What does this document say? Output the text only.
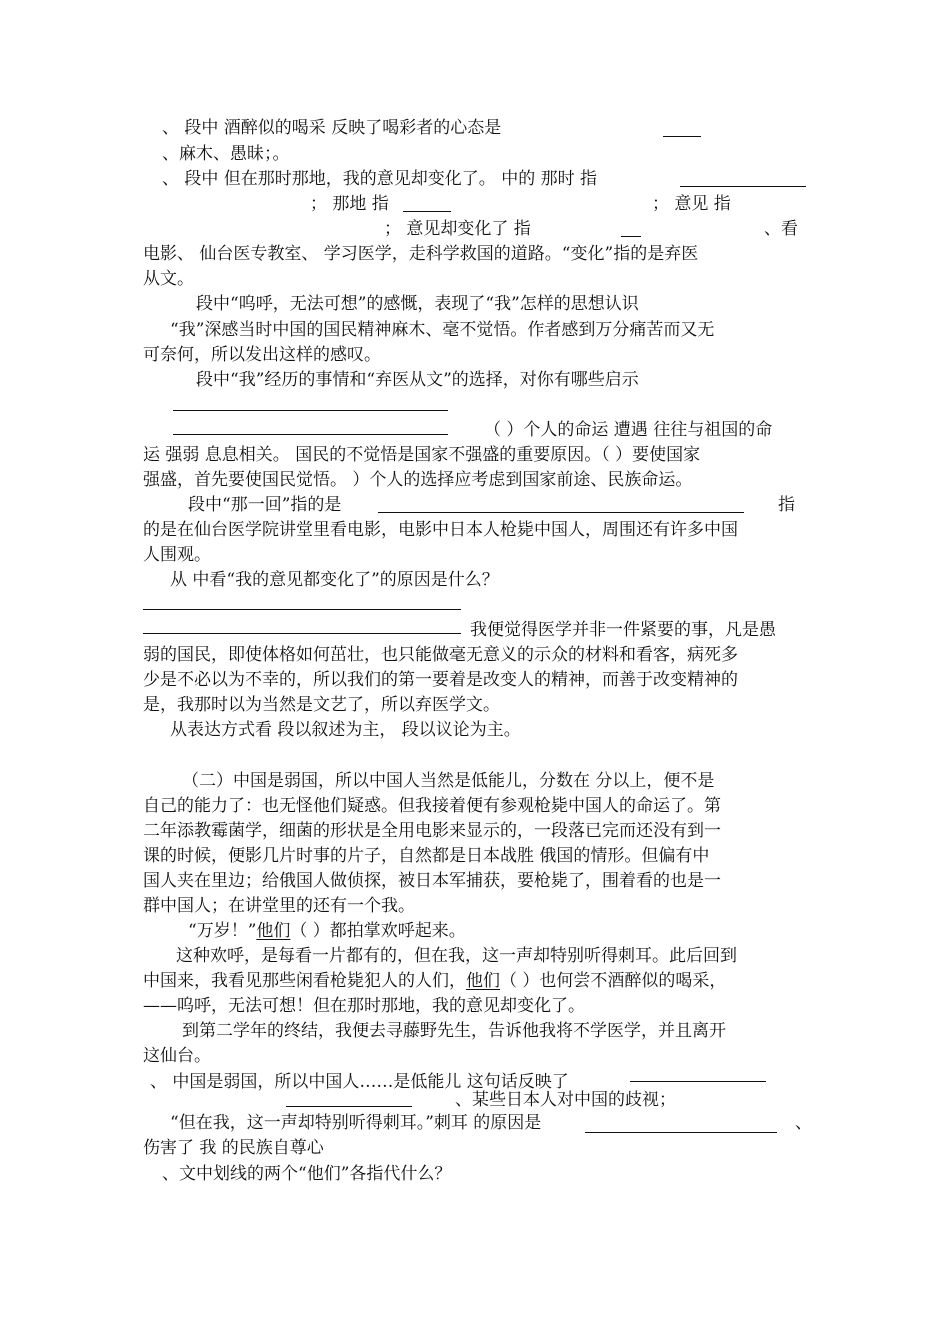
、 段中 酒醉似的喝采 反映了喝彩者的心态是
、麻木、愚昧；。
、 段中 但在那时那地，我的意见却变化了。 中的 那时 指
； 那地 指	； 意见 指
； 意见却变化了 指	、看
电影、 仙台医专教室、 学习医学，走科学救国的道路。“变化”指的是弃医
从文。
段中“呜呼，无法可想”的感慨，表现了“我”怎样的思想认识
“我”深感当时中国的国民精神麻木、毫不觉悟。作者感到万分痛苦而又无
可奈何，所以发出这样的感叹。
段中“我”经历的事情和“弃医从文”的选择，对你有哪些启示
（ ）个人的命运 遭遇 往往与祖国的命
运 强弱 息息相关。 国民的不觉悟是国家不强盛的重要原因。（ ）要使国家
强盛，首先要使国民觉悟。 ）个人的选择应考虑到国家前途、民族命运。
段中“那一回”指的是	指
的是在仙台医学院讲堂里看电影，电影中日本人枪毙中国人，周围还有许多中国
人围观。
从 中看“我的意见都变化了”的原因是什么？
我便觉得医学并非一件紧要的事，凡是愚
弱的国民，即使体格如何茁壮，也只能做毫无意义的示众的材料和看客，病死多
少是不必以为不幸的，所以我们的第一要着是改变人的精神，而善于改变精神的
是，我那时以为当然是文艺了，所以弃医学文。
从表达方式看 段以叙述为主， 段以议论为主。
（二）中国是弱国，所以中国人当然是低能儿，分数在 分以上，便不是
自己的能力了：也无怪他们疑惑。但我接着便有参观枪毙中国人的命运了。第
二年添教霉菌学，细菌的形状是全用电影来显示的，一段落已完而还没有到一
课的时候，便影几片时事的片子，自然都是日本战胜 俄国的情形。但偏有中
国人夹在里边；给俄国人做侦探，被日本军捕获，要枪毙了，围着看的也是一
群中国人；在讲堂里的还有一个我。
“万岁！”他们（ ）都拍掌欢呼起来。
这种欢呼，是每看一片都有的，但在我，这一声却特别听得刺耳。此后回到
中国来，我看见那些闲看枪毙犯人的人们，他们（ ）也何尝不酒醉似的喝采，
——呜呼，无法可想！但在那时那地，我的意见却变化了。
到第二学年的终结，我便去寻藤野先生，告诉他我将不学医学，并且离开
这仙台。
、 中国是弱国，所以中国人……是低能儿 这句话反映了
、某些日本人对中国的歧视；
“但在我，这一声却特别听得刺耳。”刺耳 的原因是	、
伤害了 我 的民族自尊心
、文中划线的两个“他们”各指代什么？
